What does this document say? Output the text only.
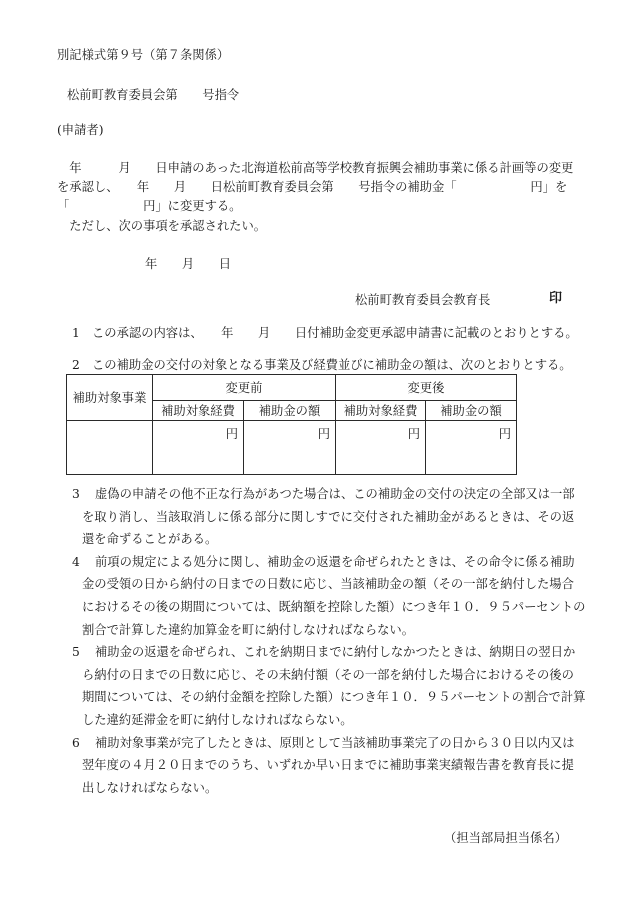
別記様式第９号（第７条関係）
松前町教育委員会第　　号指令
(申請者)
　年　　　月　　日申請のあった北海道松前高等学校教育振興会補助事業に係る計画等の変更
を承認し、　　年　　月　　日松前町教育委員会第　　号指令の補助金「　　　　　　円」を
「　　　　　　円」に変更する。
　ただし、次の事項を承認されたい。
年　　月　　日
松前町教育委員会教育長	印
1 この承認の内容は、　　年　　月　　日付補助金変更承認申請書に記載のとおりとする。
2 この補助金の交付の対象となる事業及び経費並びに補助金の額は、次のとおりとする。
補助対象事業	変更前		変更後	
	補助対象経費	補助金の額	補助対象経費	補助金の額
	円	円	円	円
3 虚偽の申請その他不正な行為があつた場合は、この補助金の交付の決定の全部又は一部
を取り消し、当該取消しに係る部分に関しすでに交付された補助金があるときは、その返
還を命ずることがある。
4 前項の規定による処分に関し、補助金の返還を命ぜられたときは、その命令に係る補助
金の受領の日から納付の日までの日数に応じ、当該補助金の額（その一部を納付した場合
におけるその後の期間については、既納額を控除した額）につき年１０．９５パーセントの
割合で計算した違約加算金を町に納付しなければならない。
5 補助金の返還を命ぜられ、これを納期日までに納付しなかつたときは、納期日の翌日か
ら納付の日までの日数に応じ、その未納付額（その一部を納付した場合におけるその後の
期間については、その納付金額を控除した額）につき年１０．９５パーセントの割合で計算
した違約延滞金を町に納付しなければならない。
6 補助対象事業が完了したときは、原則として当該補助事業完了の日から３０日以内又は
翌年度の４月２０日までのうち、いずれか早い日までに補助事業実績報告書を教育長に提
出しなければならない。
（担当部局担当係名）
